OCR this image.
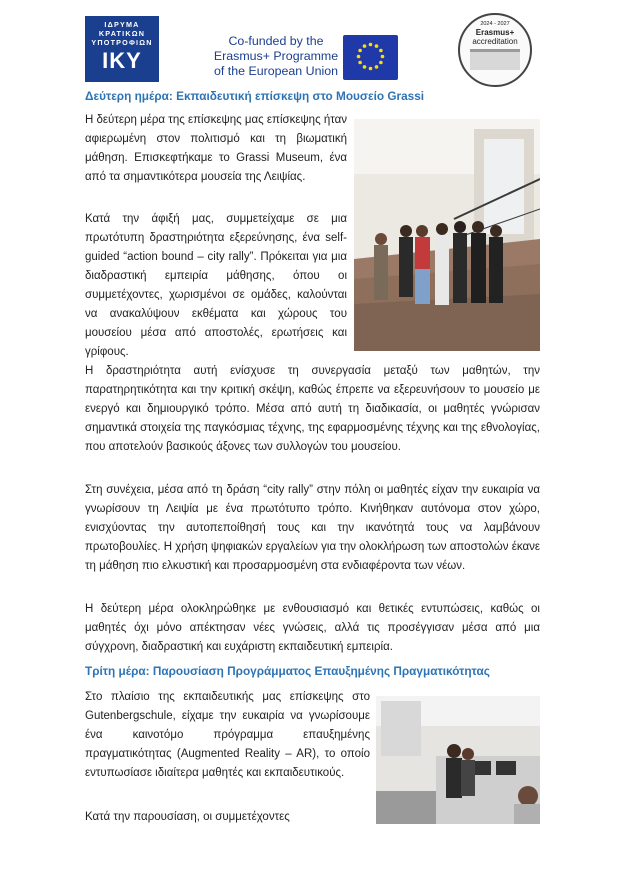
ΙΔΡΥΜΑ
ΚΡΑΤΙΚΩΝ
ΥΠΟΤΡΟΦΙΩΝ
IKY
Co-funded by the
Erasmus+ Programme
of the European Union
2024 - 2027
Erasmus+
accreditation
Δεύτερη ημέρα: Εκπαιδευτική επίσκεψη στο Μουσείο Grassi
Η δεύτερη μέρα της επίσκεψης μας επίσκεψης ήταν αφιερωμένη στον πολιτισμό και τη βιωματική μάθηση. Επισκεφτήκαμε το Grassi Museum, ένα από τα σημαντικότερα μουσεία της Λειψίας.
Κατά την άφιξή μας, συμμετείχαμε σε μια πρωτότυπη δραστηριότητα εξερεύνησης, ένα self-guided “action bound – city rally”. Πρόκειται για μια διαδραστική εμπειρία μάθησης, όπου οι συμμετέχοντες, χωρισμένοι σε ομάδες, καλούνται να ανακαλύψουν εκθέματα και χώρους του μουσείου μέσα από αποστολές, ερωτήσεις και γρίφους.
Η δραστηριότητα αυτή ενίσχυσε τη συνεργασία μεταξύ των μαθητών, την παρατηρητικότητα και την κριτική σκέψη, καθώς έπρεπε να εξερευνήσουν το μουσείο με ενεργό και δημιουργικό τρόπο. Μέσα από αυτή τη διαδικασία, οι μαθητές γνώρισαν σημαντικά στοιχεία της παγκόσμιας τέχνης, της εφαρμοσμένης τέχνης και της εθνολογίας, που αποτελούν βασικούς άξονες των συλλογών του μουσείου.
Στη συνέχεια, μέσα από τη δράση “city rally” στην πόλη οι μαθητές είχαν την ευκαιρία να γνωρίσουν τη Λειψία με ένα πρωτότυπο τρόπο. Κινήθηκαν αυτόνομα στον χώρο, ενισχύοντας την αυτοπεποίθησή τους και την ικανότητά τους να λαμβάνουν πρωτοβουλίες. Η χρήση ψηφιακών εργαλείων για την ολοκλήρωση των αποστολών έκανε τη μάθηση πιο ελκυστική και προσαρμοσμένη στα ενδιαφέροντα των νέων.
Η δεύτερη μέρα ολοκληρώθηκε με ενθουσιασμό και θετικές εντυπώσεις, καθώς οι μαθητές όχι μόνο απέκτησαν νέες γνώσεις, αλλά τις προσέγγισαν μέσα από μια σύγχρονη, διαδραστική και ευχάριστη εκπαιδευτική εμπειρία.
Τρίτη μέρα: Παρουσίαση Προγράμματος Επαυξημένης Πραγματικότητας
Στο πλαίσιο της εκπαιδευτικής μας επίσκεψης στο Gutenbergschule, είχαμε την ευκαιρία να γνωρίσουμε ένα καινοτόμο πρόγραμμα επαυξημένης πραγματικότητας (Augmented Reality – AR), το οποίο εντυπωσίασε ιδιαίτερα μαθητές και εκπαιδευτικούς.
Κατά την παρουσίαση, οι συμμετέχοντες
